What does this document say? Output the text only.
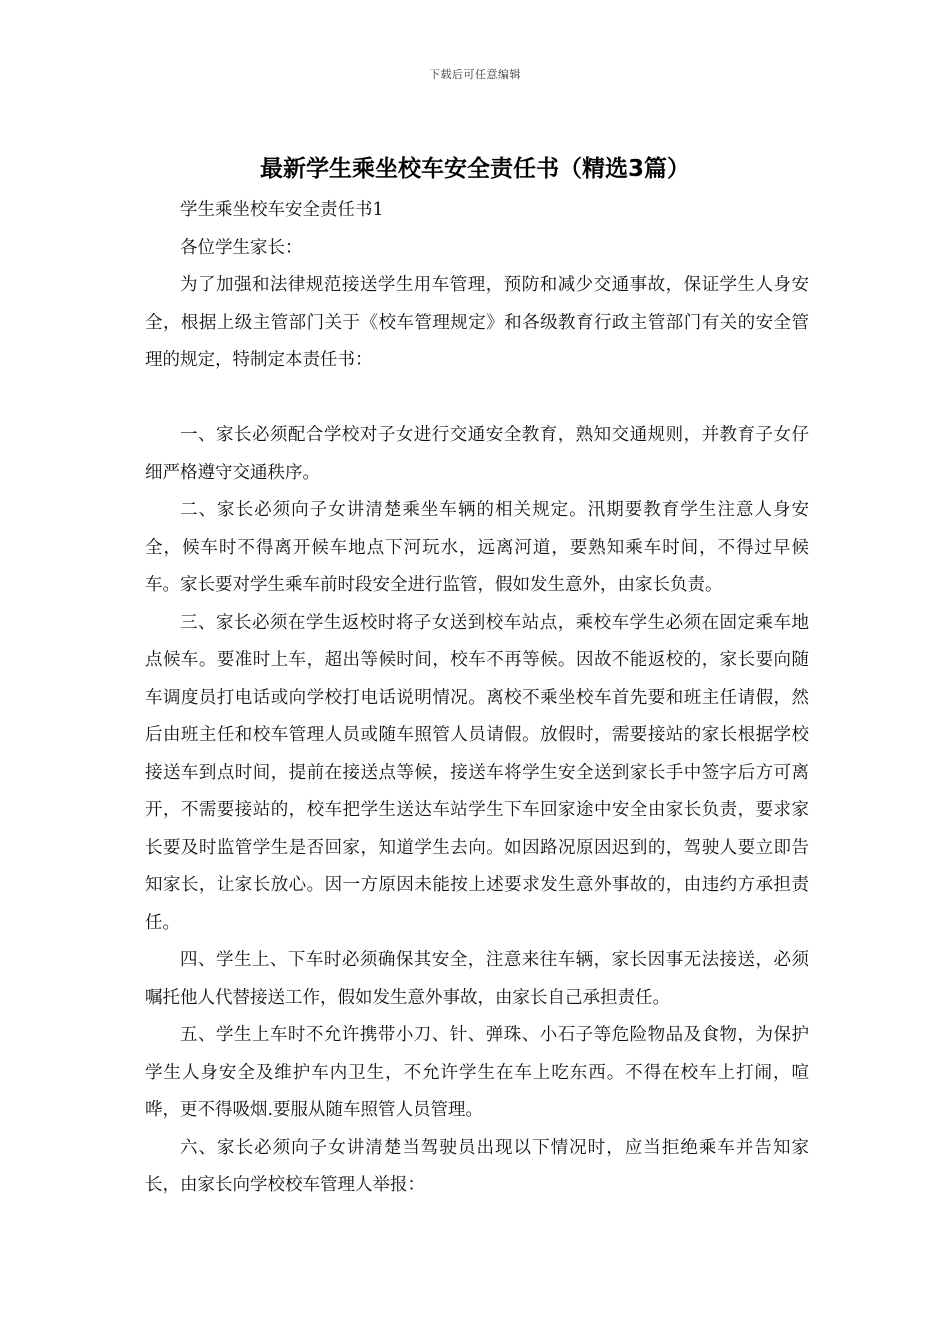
下载后可任意编辑
最新学生乘坐校车安全责任书（精选3篇）

学生乘坐校车安全责任书1

各位学生家长：

为了加强和法律规范接送学生用车管理，预防和减少交通事故，保证学生人身安全，根据上级主管部门关于《校车管理规定》和各级教育行政主管部门有关的安全管理的规定，特制定本责任书：

一、家长必须配合学校对子女进行交通安全教育，熟知交通规则，并教育子女仔细严格遵守交通秩序。

二、家长必须向子女讲清楚乘坐车辆的相关规定。汛期要教育学生注意人身安全，候车时不得离开候车地点下河玩水，远离河道，要熟知乘车时间，不得过早候车。家长要对学生乘车前时段安全进行监管，假如发生意外，由家长负责。

三、家长必须在学生返校时将子女送到校车站点，乘校车学生必须在固定乘车地点候车。要准时上车，超出等候时间，校车不再等候。因故不能返校的，家长要向随车调度员打电话或向学校打电话说明情况。离校不乘坐校车首先要和班主任请假，然后由班主任和校车管理人员或随车照管人员请假。放假时，需要接站的家长根据学校接送车到点时间，提前在接送点等候，接送车将学生安全送到家长手中签字后方可离开，不需要接站的，校车把学生送达车站学生下车回家途中安全由家长负责，要求家长要及时监管学生是否回家，知道学生去向。如因路况原因迟到的，驾驶人要立即告知家长，让家长放心。因一方原因未能按上述要求发生意外事故的，由违约方承担责任。

四、学生上、下车时必须确保其安全，注意来往车辆，家长因事无法接送，必须嘱托他人代替接送工作，假如发生意外事故，由家长自己承担责任。

五、学生上车时不允许携带小刀、针、弹珠、小石子等危险物品及食物，为保护学生人身安全及维护车内卫生，不允许学生在车上吃东西。不得在校车上打闹，喧哗，更不得吸烟.要服从随车照管人员管理。

六、家长必须向子女讲清楚当驾驶员出现以下情况时，应当拒绝乘车并告知家长，由家长向学校校车管理人举报：
